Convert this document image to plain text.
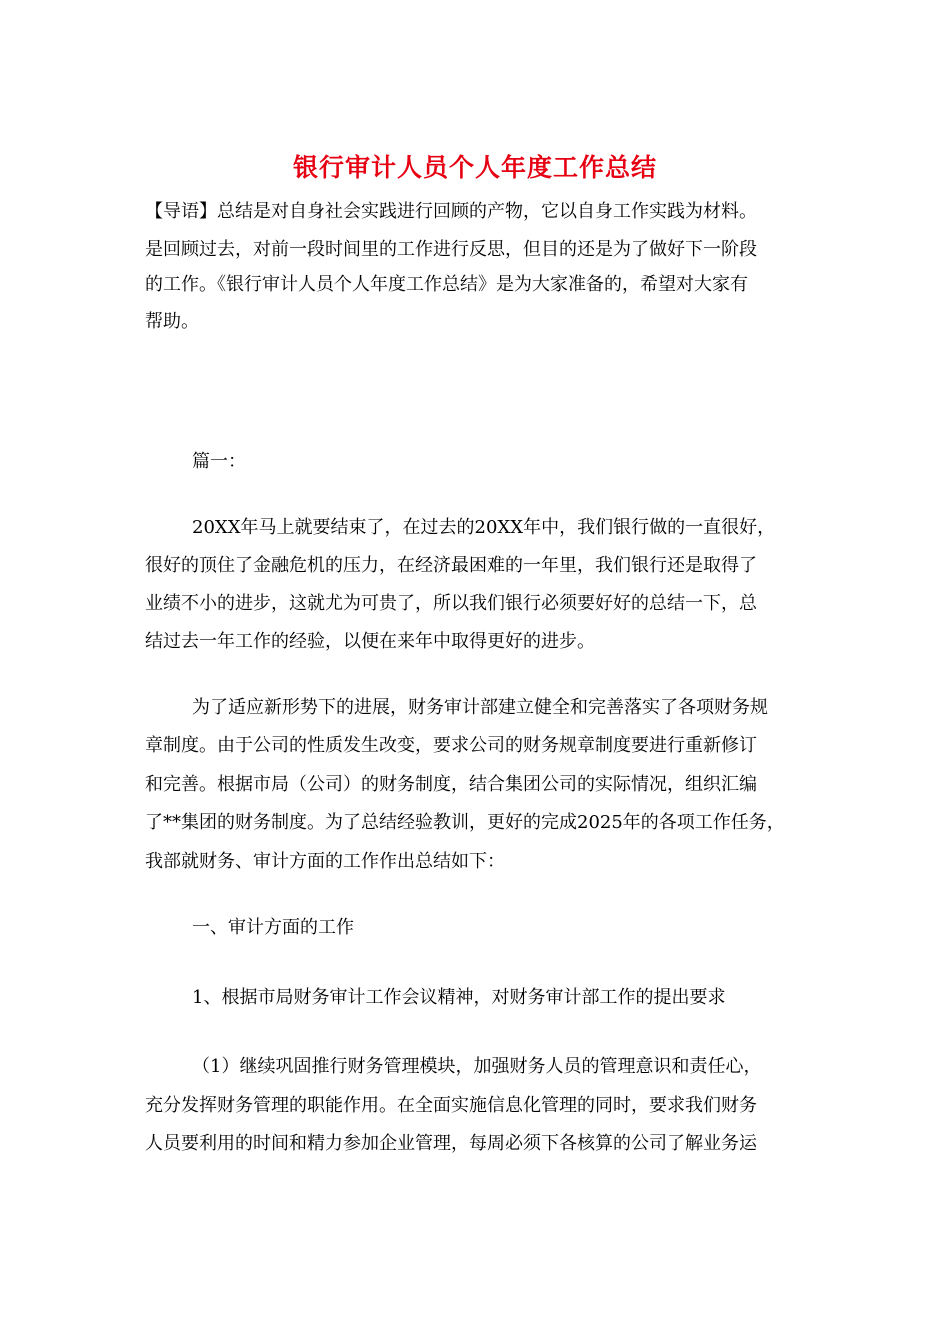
银行审计人员个人年度工作总结
【导语】总结是对自身社会实践进行回顾的产物，它以自身工作实践为材料。
是回顾过去，对前一段时间里的工作进行反思，但目的还是为了做好下一阶段
的工作。《银行审计人员个人年度工作总结》是为大家准备的，希望对大家有
帮助。
篇一：
20XX年马上就要结束了，在过去的20XX年中，我们银行做的一直很好，
很好的顶住了金融危机的压力，在经济最困难的一年里，我们银行还是取得了
业绩不小的进步，这就尤为可贵了，所以我们银行必须要好好的总结一下，总
结过去一年工作的经验，以便在来年中取得更好的进步。
为了适应新形势下的进展，财务审计部建立健全和完善落实了各项财务规
章制度。由于公司的性质发生改变，要求公司的财务规章制度要进行重新修订
和完善。根据市局（公司）的财务制度，结合集团公司的实际情况，组织汇编
了**集团的财务制度。为了总结经验教训，更好的完成2025年的各项工作任务，
我部就财务、审计方面的工作作出总结如下：
一、审计方面的工作
1、根据市局财务审计工作会议精神，对财务审计部工作的提出要求
（1）继续巩固推行财务管理模块，加强财务人员的管理意识和责任心，
充分发挥财务管理的职能作用。在全面实施信息化管理的同时，要求我们财务
人员要利用的时间和精力参加企业管理，每周必须下各核算的公司了解业务运
